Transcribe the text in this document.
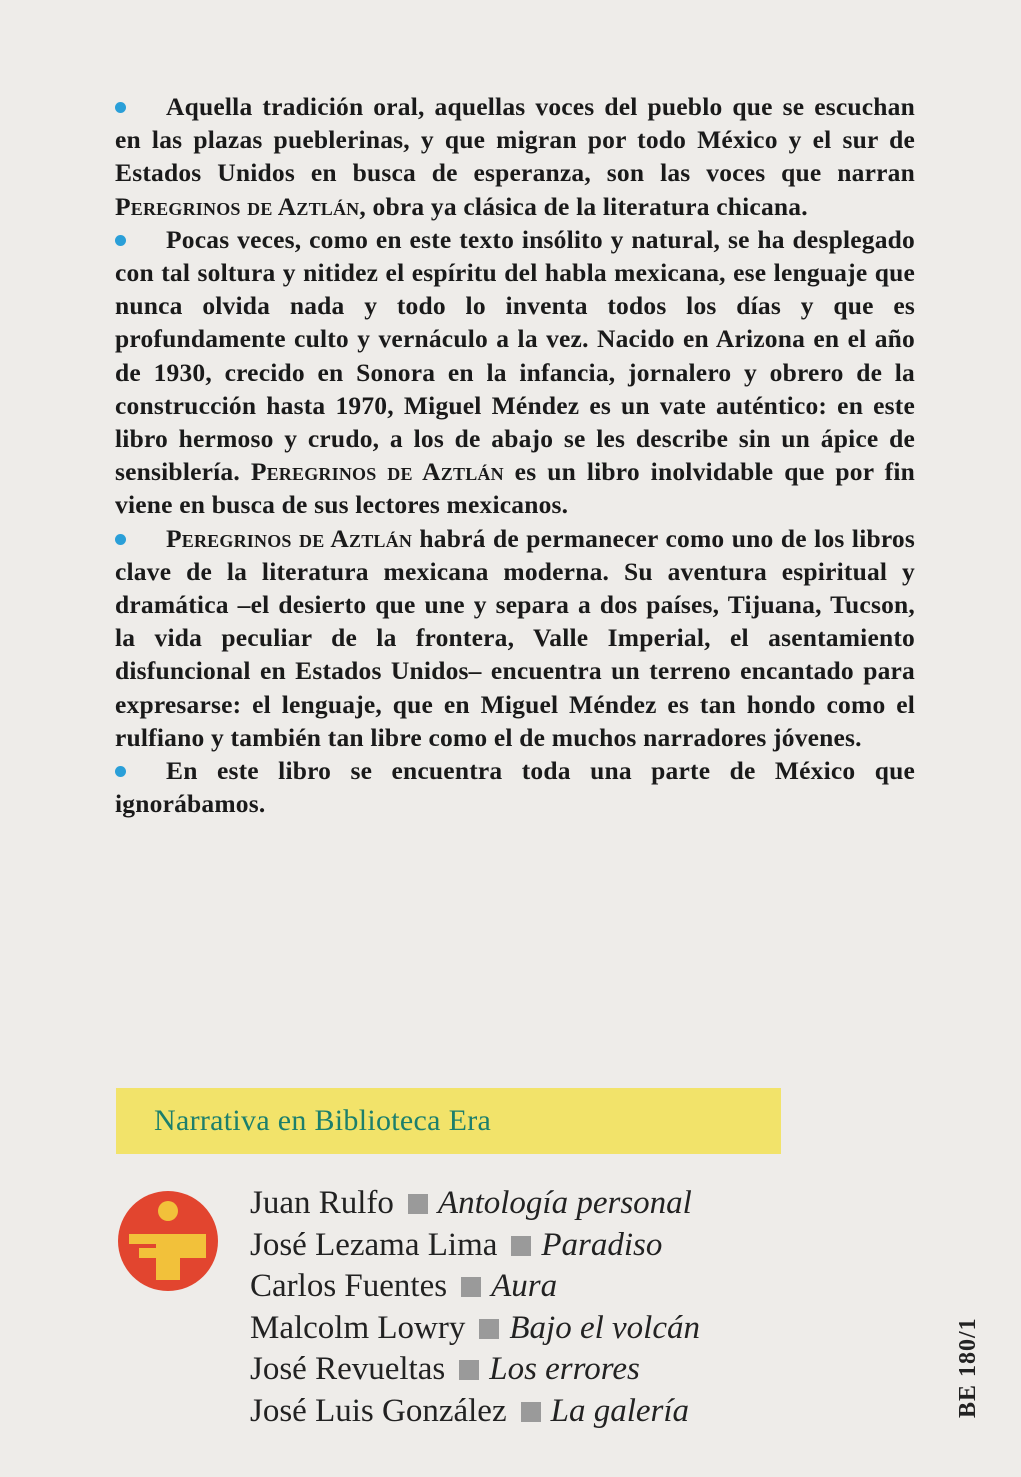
Aquella tradición oral, aquellas voces del pueblo que se escuchan en las plazas pueblerinas, y que migran por todo México y el sur de Estados Unidos en busca de esperanza, son las voces que narran Peregrinos de Aztlán, obra ya clásica de la literatura chicana.

Pocas veces, como en este texto insólito y natural, se ha desplegado con tal soltura y nitidez el espíritu del habla mexicana, ese lenguaje que nunca olvida nada y todo lo inventa todos los días y que es profundamente culto y vernáculo a la vez. Nacido en Arizona en el año de 1930, crecido en Sonora en la infancia, jornalero y obrero de la construcción hasta 1970, Miguel Méndez es un vate auténtico: en este libro hermoso y crudo, a los de abajo se les describe sin un ápice de sensiblería. Peregrinos de Aztlán es un libro inolvidable que por fin viene en busca de sus lectores mexicanos.

Peregrinos de Aztlán habrá de permanecer como uno de los libros clave de la literatura mexicana moderna. Su aventura espiritual y dramática –el desierto que une y separa a dos países, Tijuana, Tucson, la vida peculiar de la frontera, Valle Imperial, el asentamiento disfuncional en Estados Unidos– encuentra un terreno encantado para expresarse: el lenguaje, que en Miguel Méndez es tan hondo como el rulfiano y también tan libre como el de muchos narradores jóvenes.

En este libro se encuentra toda una parte de México que ignorábamos.

Narrativa en Biblioteca Era
Juan Rulfo Antología personal
José Lezama Lima Paradiso
Carlos Fuentes Aura
Malcolm Lowry Bajo el volcán
José Revueltas Los errores
José Luis González La galería	BE 180/1
